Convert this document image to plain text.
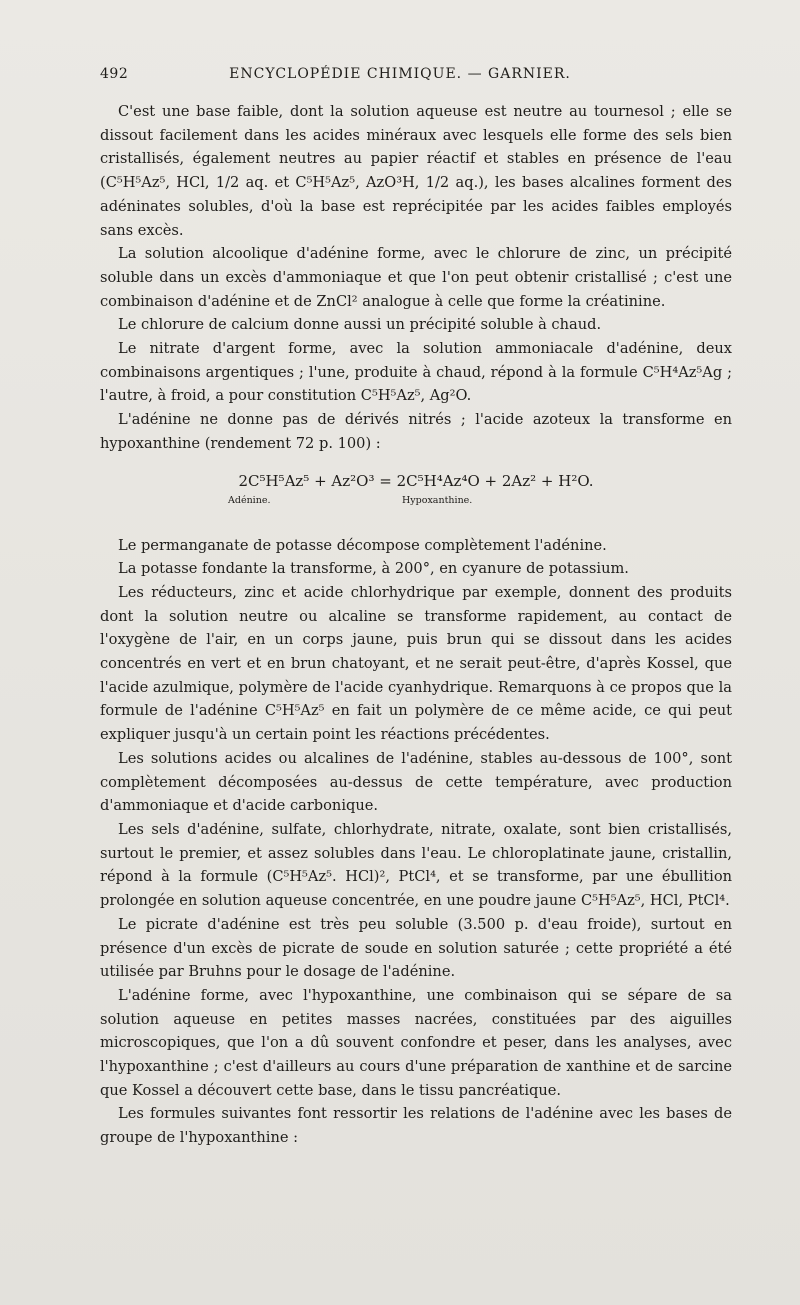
492	ENCYCLOPÉDIE CHIMIQUE. — GARNIER.

C'est une base faible, dont la solution aqueuse est neutre au tournesol ; elle se dissout facilement dans les acides minéraux avec lesquels elle forme des sels bien cristallisés, également neutres au papier réactif et stables en présence de l'eau (C⁵H⁵Az⁵, HCl, 1/2 aq. et C⁵H⁵Az⁵, AzO³H, 1/2 aq.), les bases alcalines forment des adéninates solubles, d'où la base est reprécipitée par les acides faibles employés sans excès.

La solution alcoolique d'adénine forme, avec le chlorure de zinc, un précipité soluble dans un excès d'ammoniaque et que l'on peut obtenir cristallisé ; c'est une combinaison d'adénine et de ZnCl² analogue à celle que forme la créatinine.

Le chlorure de calcium donne aussi un précipité soluble à chaud.

Le nitrate d'argent forme, avec la solution ammoniacale d'adénine, deux combinaisons argentiques ; l'une, produite à chaud, répond à la formule C⁵H⁴Az⁵Ag ; l'autre, à froid, a pour constitution C⁵H⁵Az⁵, Ag²O.

L'adénine ne donne pas de dérivés nitrés ; l'acide azoteux la transforme en hypoxanthine (rendement 72 p. 100) :

2C⁵H⁵Az⁵ + Az²O³ = 2C⁵H⁴Az⁴O + 2Az² + H²O.
Adénine.	Hypoxanthine.

Le permanganate de potasse décompose complètement l'adénine.

La potasse fondante la transforme, à 200°, en cyanure de potassium.

Les réducteurs, zinc et acide chlorhydrique par exemple, donnent des produits dont la solution neutre ou alcaline se transforme rapidement, au contact de l'oxygène de l'air, en un corps jaune, puis brun qui se dissout dans les acides concentrés en vert et en brun chatoyant, et ne serait peut-être, d'après Kossel, que l'acide azulmique, polymère de l'acide cyanhydrique. Remarquons à ce propos que la formule de l'adénine C⁵H⁵Az⁵ en fait un polymère de ce même acide, ce qui peut expliquer jusqu'à un certain point les réactions précédentes.

Les solutions acides ou alcalines de l'adénine, stables au-dessous de 100°, sont complètement décomposées au-dessus de cette température, avec production d'ammoniaque et d'acide carbonique.

Les sels d'adénine, sulfate, chlorhydrate, nitrate, oxalate, sont bien cristallisés, surtout le premier, et assez solubles dans l'eau. Le chloroplatinate jaune, cristallin, répond à la formule (C⁵H⁵Az⁵. HCl)², PtCl⁴, et se transforme, par une ébullition prolongée en solution aqueuse concentrée, en une poudre jaune C⁵H⁵Az⁵, HCl, PtCl⁴.

Le picrate d'adénine est très peu soluble (3.500 p. d'eau froide), surtout en présence d'un excès de picrate de soude en solution saturée ; cette propriété a été utilisée par Bruhns pour le dosage de l'adénine.

L'adénine forme, avec l'hypoxanthine, une combinaison qui se sépare de sa solution aqueuse en petites masses nacrées, constituées par des aiguilles microscopiques, que l'on a dû souvent confondre et peser, dans les analyses, avec l'hypoxanthine ; c'est d'ailleurs au cours d'une préparation de xanthine et de sarcine que Kossel a découvert cette base, dans le tissu pancréatique.

Les formules suivantes font ressortir les relations de l'adénine avec les bases de groupe de l'hypoxanthine :
